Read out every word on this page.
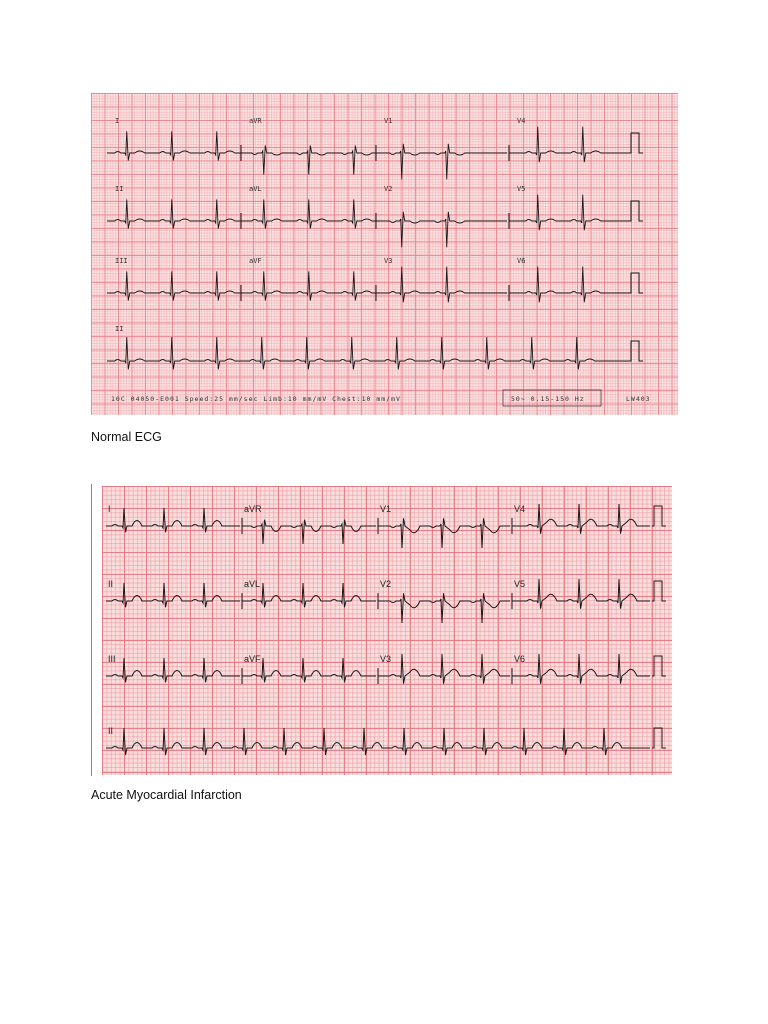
I	aVR	V1	V4
II	aVL	V2	V5
III	aVF	V3	V6
II
10C 04050-E001 Speed:25 mm/sec Limb:10 mm/mV Chest:10 mm/mV	50~ 0.15-150 Hz	LW403
Normal ECG
I	aVR	V1	V4
II	aVL	V2	V5
III	aVF	V3	V6
II
Acute Myocardial Infarction
